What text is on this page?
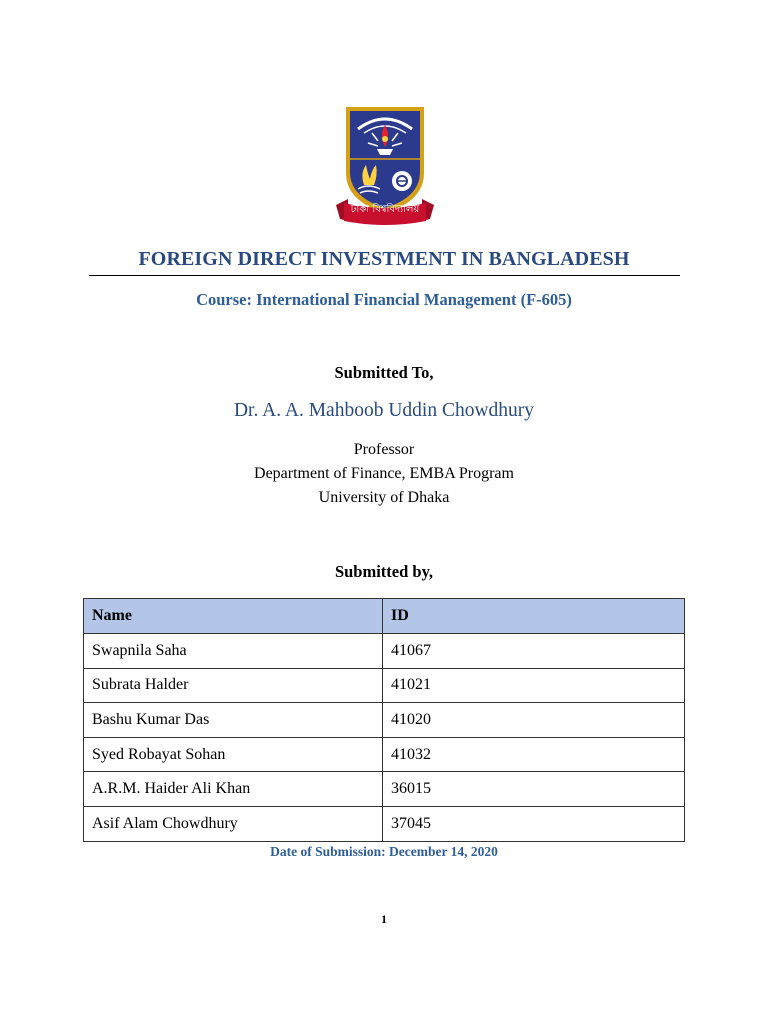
ঢাকা বিশ্ববিদ্যালয়
FOREIGN DIRECT INVESTMENT IN BANGLADESH
Course: International Financial Management (F-605)
Submitted To,
Dr. A. A. Mahboob Uddin Chowdhury
Professor
Department of Finance, EMBA Program
University of Dhaka
Submitted by,
Name	ID
Swapnila Saha	41067
Subrata Halder	41021
Bashu Kumar Das	41020
Syed Robayat Sohan	41032
A.R.M. Haider Ali Khan	36015
Asif Alam Chowdhury	37045
Date of Submission: December 14, 2020
1
